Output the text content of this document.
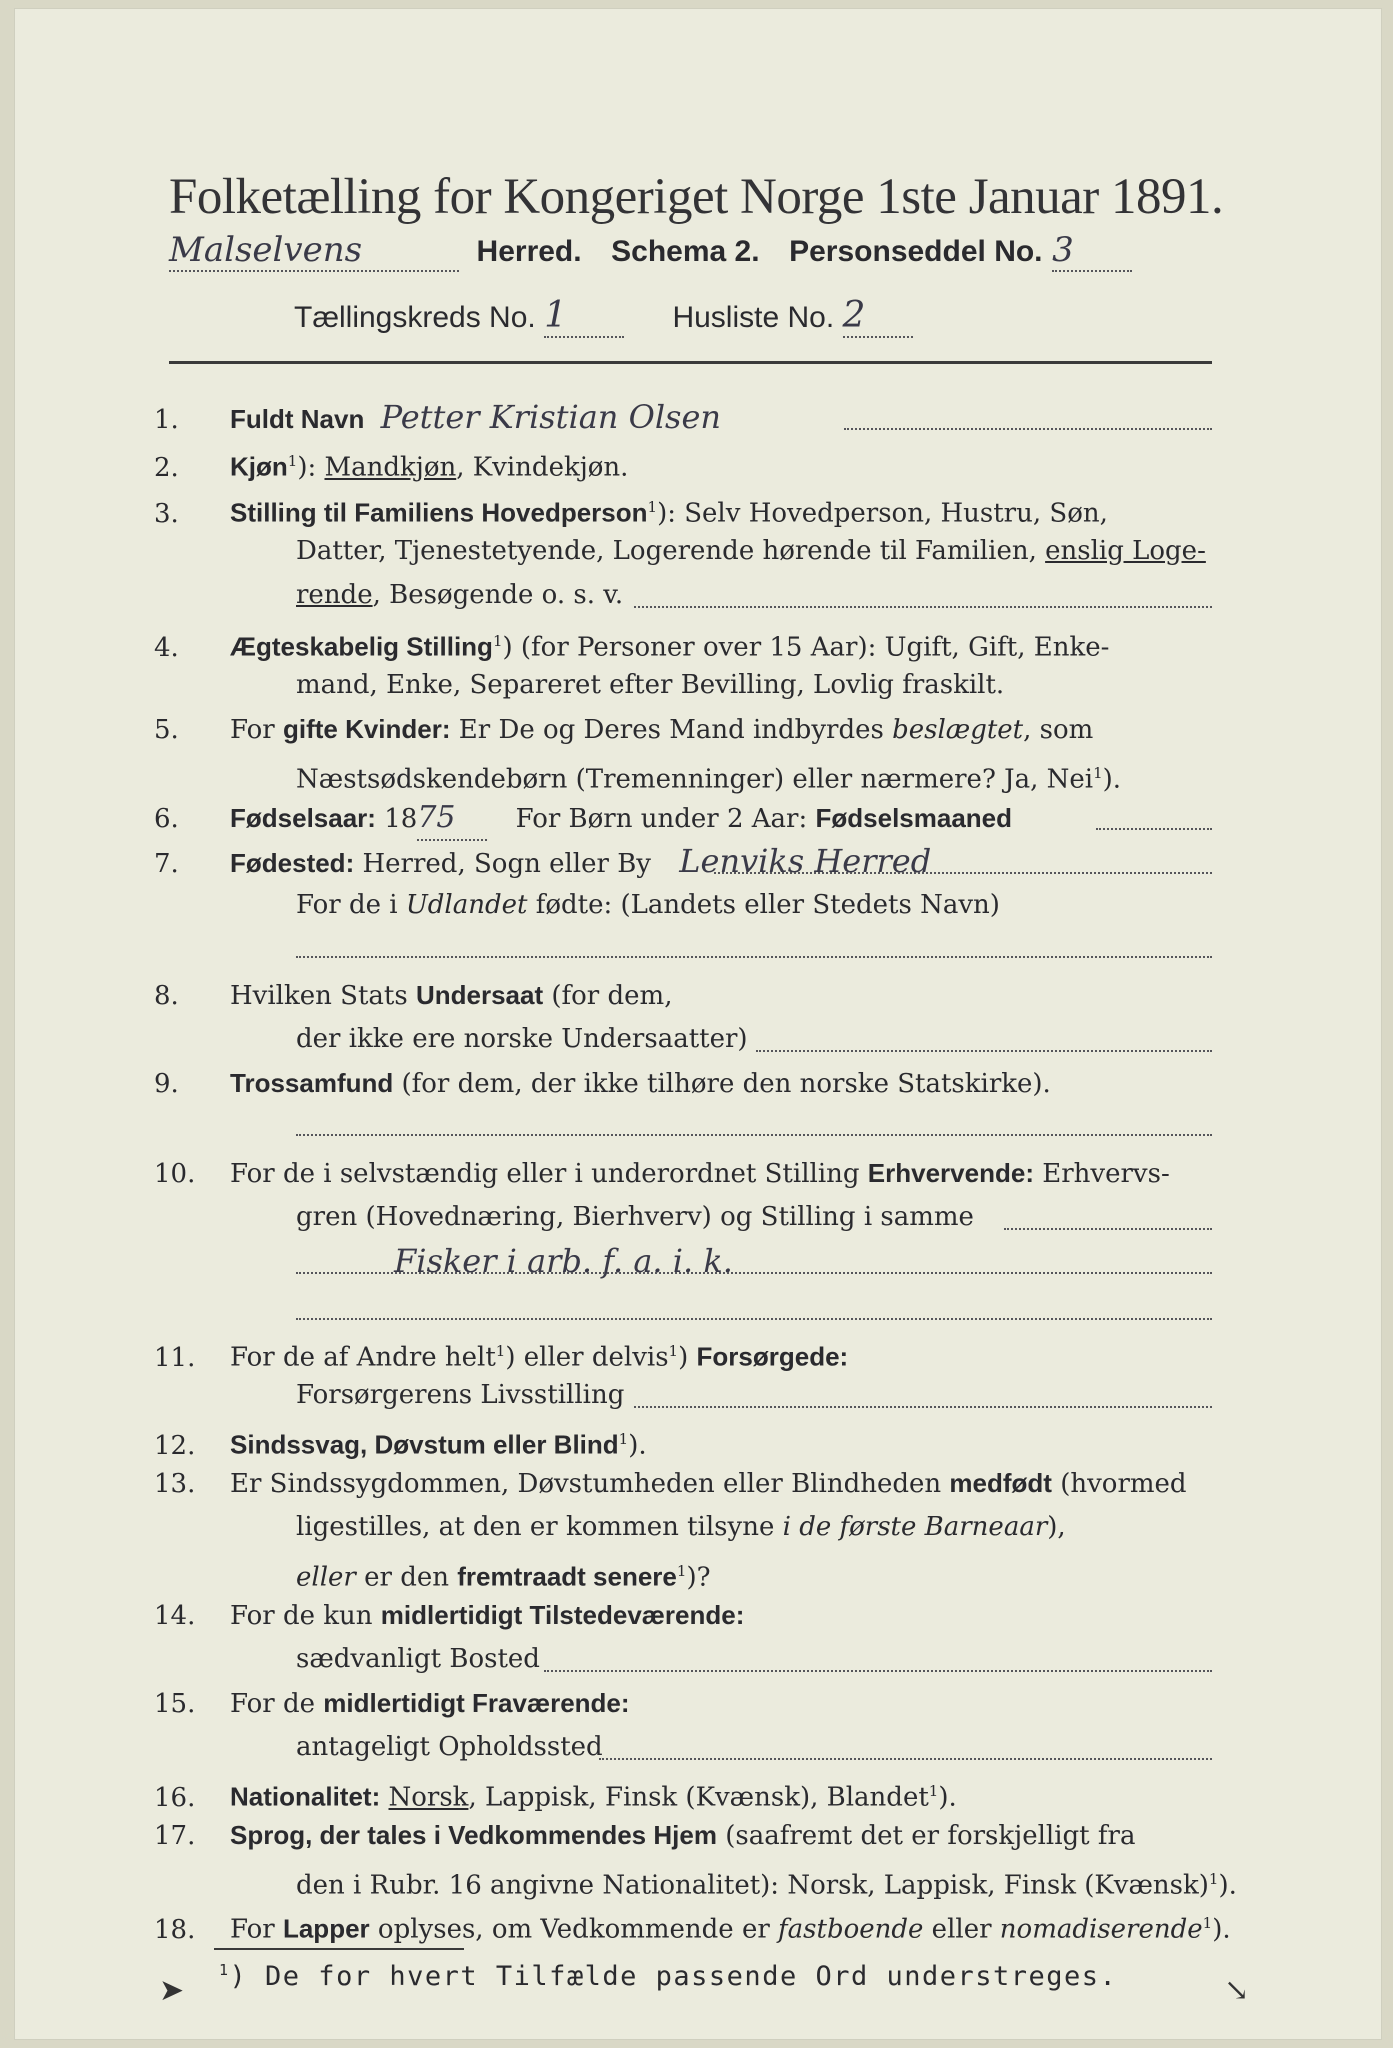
Folketælling for Kongeriget Norge 1ste Januar 1891.
Malselvens	Herred. Schema 2. Personseddel No. 3
Tællingskreds No. 1	Husliste No. 2
1. Fuldt Navn Petter Kristian Olsen
2. Kjøn$^1$): Mandkjøn, Kvindekjøn.
3. Stilling til Familiens Hovedperson$^1$): Selv Hovedperson, Hustru, Søn,
Datter, Tjenestetyende, Logerende hørende til Familien, enslig Loge-
rende, Besøgende o. s. v.
4. Ægteskabelig Stilling$^1$) (for Personer over 15 Aar): Ugift, Gift, Enke-
mand, Enke, Separeret efter Bevilling, Lovlig fraskilt.
5. For gifte Kvinder: Er De og Deres Mand indbyrdes beslægtet, som
Næstsødskendebørn (Tremenninger) eller nærmere? Ja, Nei$^1$).
6. Fødselsaar: 1875 For Børn under 2 Aar: Fødselsmaaned
7. Fødested: Herred, Sogn eller By Lenviks Herred
For de i Udlandet fødte: (Landets eller Stedets Navn)
8. Hvilken Stats Undersaat (for dem,
der ikke ere norske Undersaatter)
9. Trossamfund (for dem, der ikke tilhøre den norske Statskirke).
10. For de i selvstændig eller i underordnet Stilling Erhvervende: Erhvervs-
gren (Hovednæring, Bierhverv) og Stilling i samme
Fisker i arb. f. a. i. k.
11. For de af Andre helt$^1$) eller delvis$^1$) Forsørgede:
Forsørgerens Livsstilling
12. Sindssvag, Døvstum eller Blind$^1$).
13. Er Sindssygdommen, Døvstumheden eller Blindheden medfødt (hvormed
ligestilles, at den er kommen tilsyne i de første Barneaar),
eller er den fremtraadt senere$^1$)?
14. For de kun midlertidigt Tilstedeværende:
sædvanligt Bosted
15. For de midlertidigt Fraværende:
antageligt Opholdssted
16. Nationalitet: Norsk, Lappisk, Finsk (Kvænsk), Blandet$^1$).
17. Sprog, der tales i Vedkommendes Hjem (saafremt det er forskjelligt fra
den i Rubr. 16 angivne Nationalitet): Norsk, Lappisk, Finsk (Kvænsk)$^1$).
18. For Lapper oplyses, om Vedkommende er fastboende eller nomadiserende$^1$).
$^1$) De for hvert Tilfælde passende Ord understreges.
➤	↘
